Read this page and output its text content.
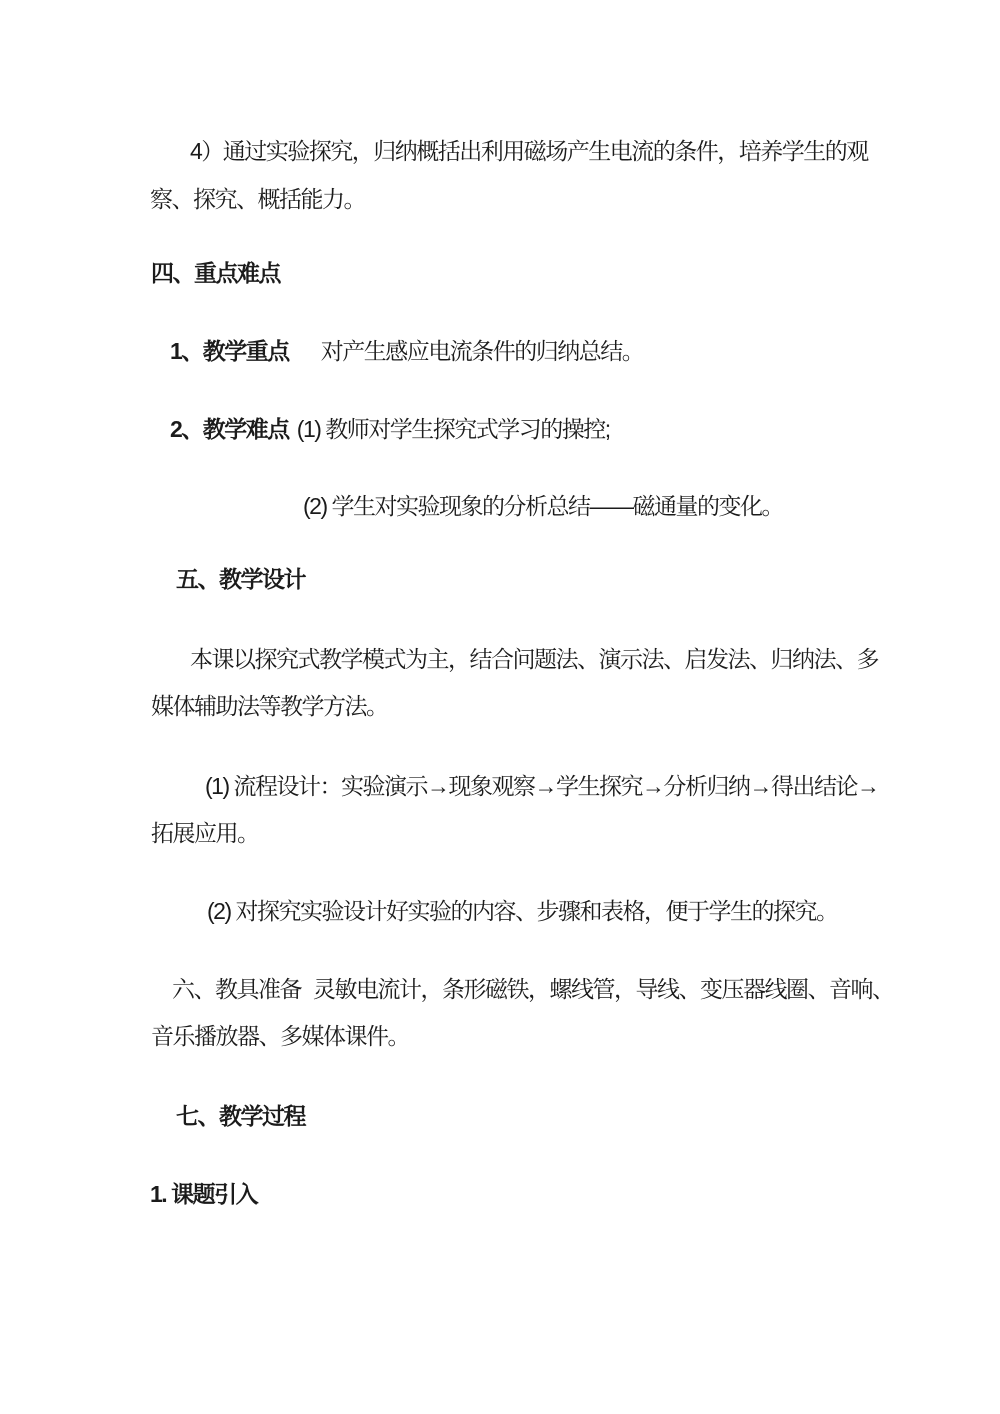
4）通过实验探究，归纳概括出利用磁场产生电流的条件，培养学生的观
察、探究、概括能力。
四、重点难点
1、教学重点 对产生感应电流条件的归纳总结。
2、教学难点 (1) 教师对学生探究式学习的操控;
(2) 学生对实验现象的分析总结——磁通量的变化。
五、教学设计
本课以探究式教学模式为主，结合问题法、演示法、启发法、归纳法、多
媒体辅助法等教学方法。
(1) 流程设计：实验演示→现象观察→学生探究→分析归纳→得出结论→
拓展应用。
(2) 对探究实验设计好实验的内容、步骤和表格，便于学生的探究。
六、教具准备 灵敏电流计，条形磁铁，螺线管，导线、变压器线圈、音响、
音乐播放器、多媒体课件。
七、教学过程
1. 课题引入
